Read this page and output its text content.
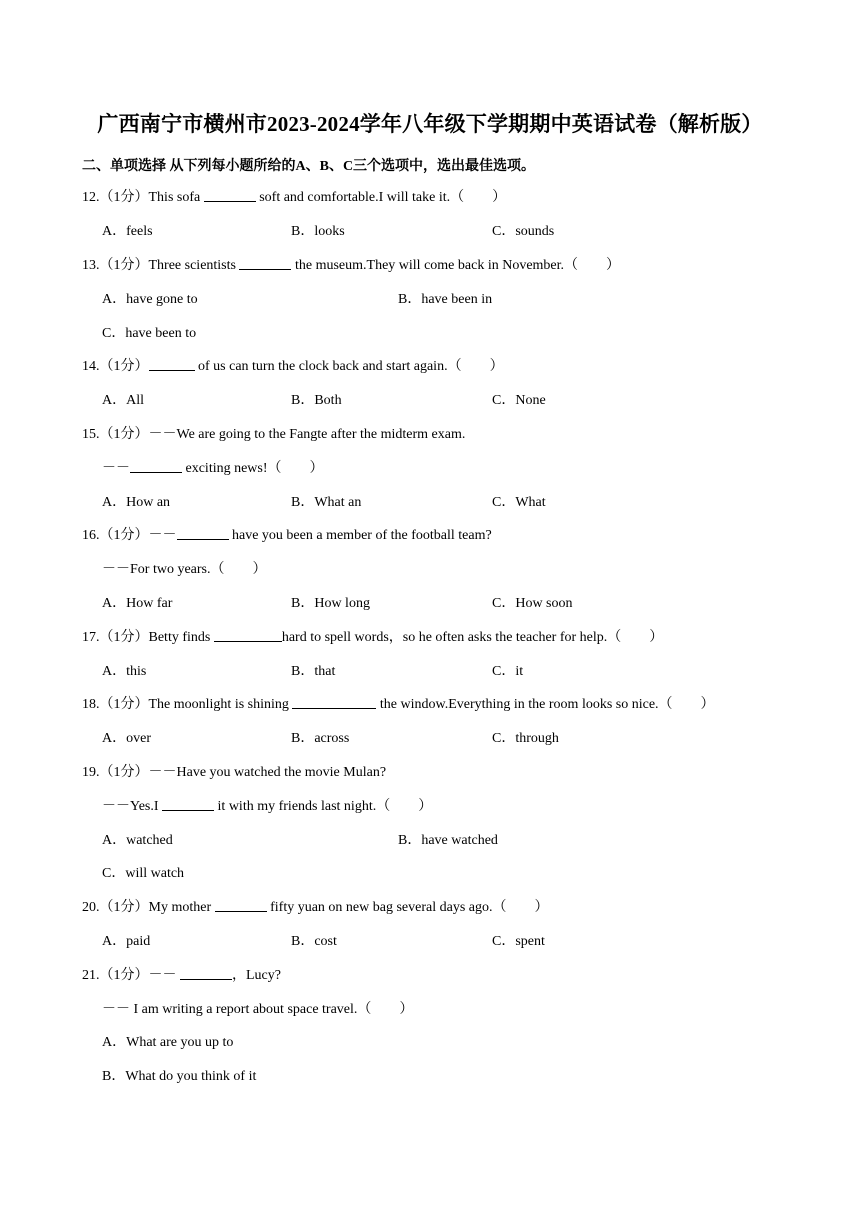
广西南宁市横州市2023-2024学年八年级下学期期中英语试卷（解析版）
二、单项选择 从下列每小题所给的A、B、C三个选项中，选出最佳选项。
12.（1分）This sofa	soft and comfortable.I will take it.（　　）
A．feels	B．looks	C．sounds
13.（1分）Three scientists	the museum.They will come back in November.（　　）
A．have gone to	B．have been in
C．have been to
14.（1分）	of us can turn the clock back and start again.（　　）
A．All	B．Both	C．None
15.（1分）－－We are going to the Fangte after the midterm exam.
－－	exciting news!（　　）
A．How an	B．What an	C．What
16.（1分）－－	have you been a member of the football team?
－－For two years.（　　）
A．How far	B．How long	C．How soon
17.（1分）Betty finds	hard to spell words，so he often asks the teacher for help.（　　）
A．this	B．that	C．it
18.（1分）The moonlight is shining	the window.Everything in the room looks so nice.（　　）
A．over	B．across	C．through
19.（1分）－－Have you watched the movie Mulan?
－－Yes.I	it with my friends last night.（　　）
A．watched	B．have watched
C．will watch
20.（1分）My mother	fifty yuan on new bag several days ago.（　　）
A．paid	B．cost	C．spent
21.（1分）－－	，Lucy?
－－ I am writing a report about space travel.（　　）
A．What are you up to
B．What do you think of it
